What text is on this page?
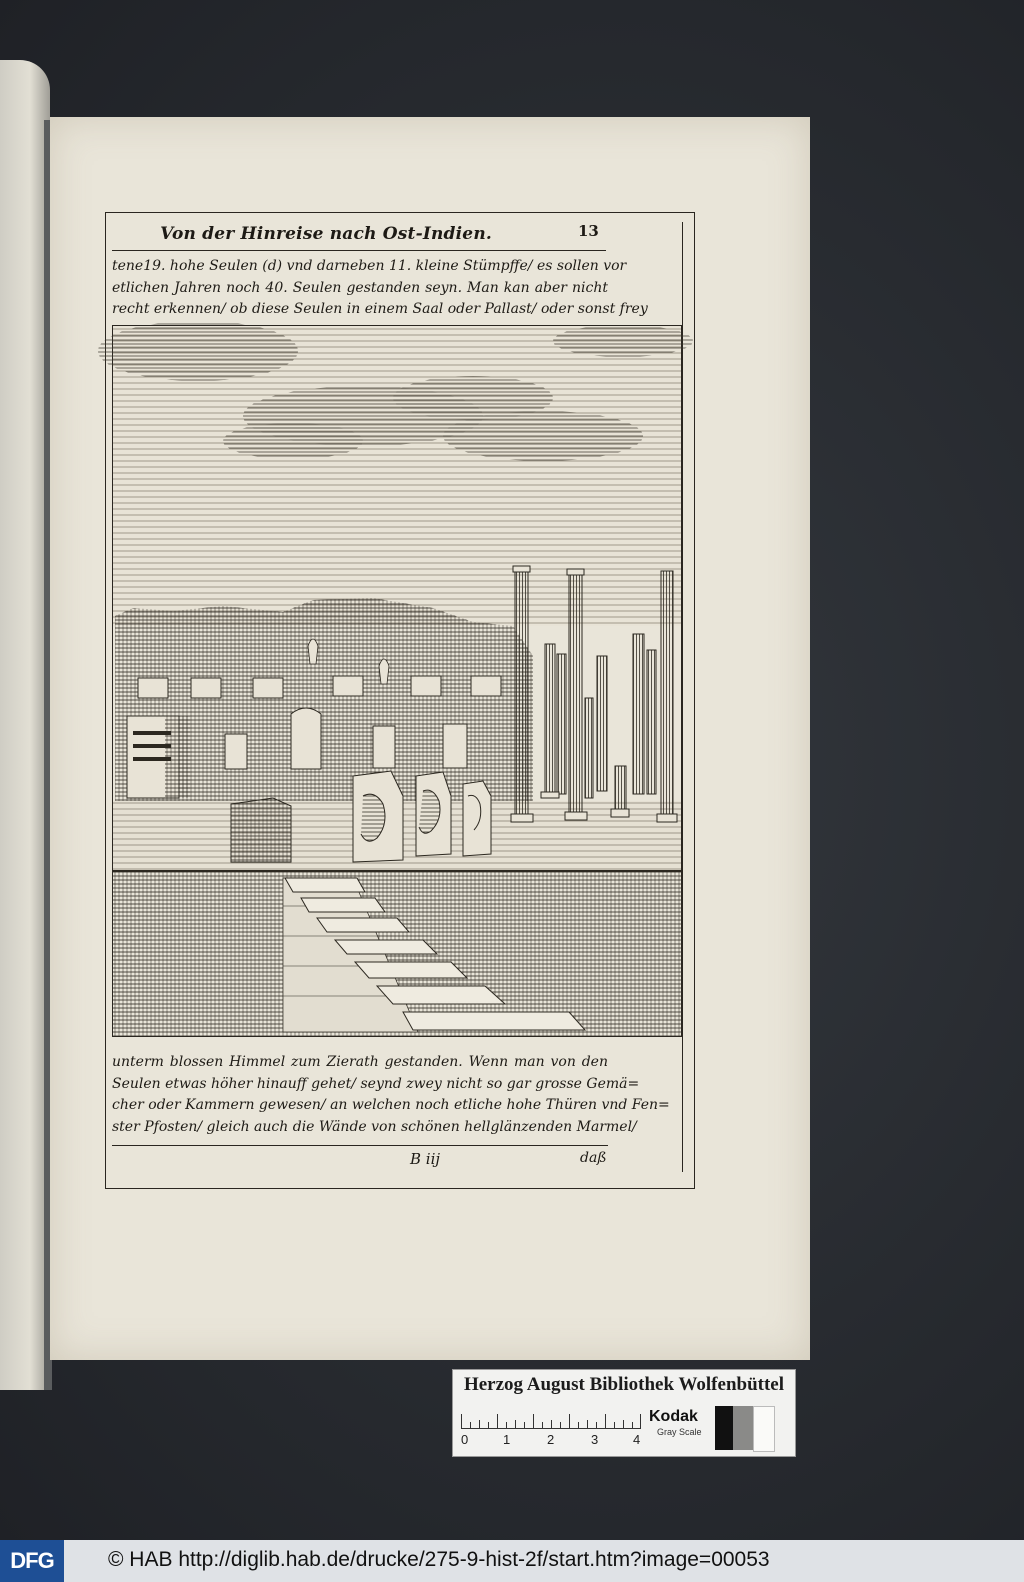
Von der Hinreise nach Ost-Indien.	13
tene19. hohe Seulen (d) vnd darneben 11. kleine Stümpffe/ es sollen vor
etlichen Jahren noch 40. Seulen gestanden seyn. Man kan aber nicht
recht erkennen/ ob diese Seulen in einem Saal oder Pallast/ oder sonst frey
unterm blossen Himmel zum Zierath gestanden. Wenn man von den
Seulen etwas höher hinauff gehet/ seynd zwey nicht so gar grosse Gemä=
cher oder Kammern gewesen/ an welchen noch etliche hohe Thüren vnd Fen=
ster Pfosten/ gleich auch die Wände von schönen hellglänzenden Marmel/
B iij	daß
Herzog August Bibliothek Wolfenbüttel
0	1	2	3	4
Kodak
Gray Scale
DFG	© HAB http://diglib.hab.de/drucke/275-9-hist-2f/start.htm?image=00053
